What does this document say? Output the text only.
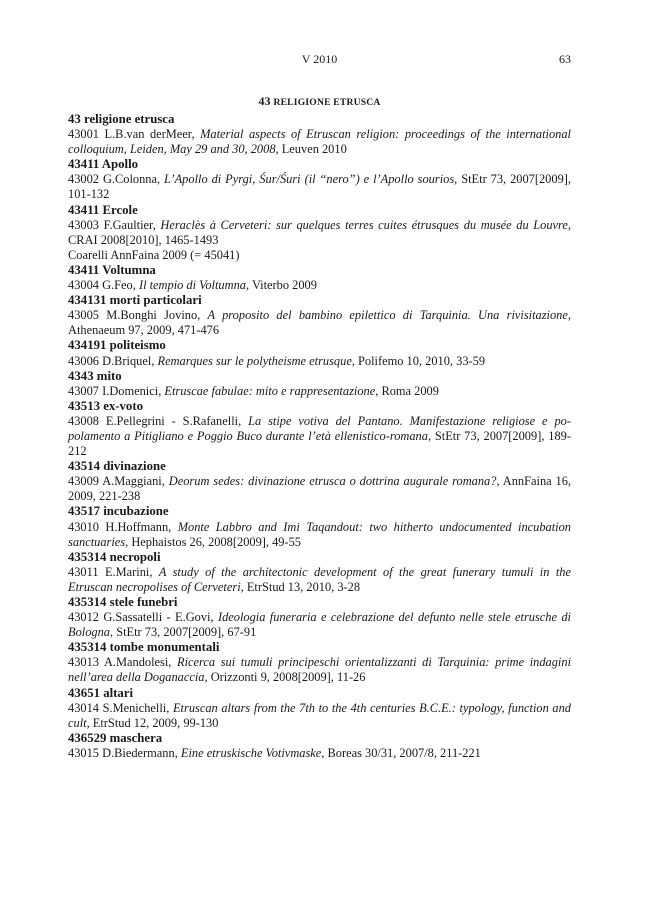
V 2010	63
43 RELIGIONE ETRUSCA
43 religione etrusca
43001 L.B.van derMeer, Material aspects of Etruscan religion: proceedings of the international colloquium, Leiden, May 29 and 30, 2008, Leuven 2010
43411 Apollo
43002 G.Colonna, L’Apollo di Pyrgi, Śur/Śuri (il “nero”) e l’Apollo sourios, StEtr 73, 2007[2009], 101-132
43411 Ercole
43003 F.Gaultier, Heraclès à Cerveteri: sur quelques terres cuites étrusques du musée du Louvre, CRAI 2008[2010], 1465-1493
Coarelli AnnFaina 2009 (= 45041)
43411 Voltumna
43004 G.Feo, Il tempio di Voltumna, Viterbo 2009
434131 morti particolari
43005 M.Bonghi Jovino, A proposito del bambino epilettico di Tarquinia. Una rivisitazione, Athenaeum 97, 2009, 471-476
434191 politeismo
43006 D.Briquel, Remarques sur le polytheisme etrusque, Polifemo 10, 2010, 33-59
4343 mito
43007 I.Domenici, Etruscae fabulae: mito e rappresentazione, Roma 2009
43513 ex-voto
43008 E.Pellegrini - S.Rafanelli, La stipe votiva del Pantano. Manifestazione religiose e popolamento a Pitigliano e Poggio Buco durante l’età ellenistico-romana, StEtr 73, 2007[2009], 189-212
43514 divinazione
43009 A.Maggiani, Deorum sedes: divinazione etrusca o dottrina augurale romana?, AnnFaina 16, 2009, 221-238
43517 incubazione
43010 H.Hoffmann, Monte Labbro and Imi Taqandout: two hitherto undocumented incubation sanctuaries, Hephaistos 26, 2008[2009], 49-55
435314 necropoli
43011 E.Marini, A study of the architectonic development of the great funerary tumuli in the Etruscan necropolises of Cerveteri, EtrStud 13, 2010, 3-28
435314 stele funebri
43012 G.Sassatelli - E.Govi, Ideologia funeraria e celebrazione del defunto nelle stele etrusche di Bologna, StEtr 73, 2007[2009], 67-91
435314 tombe monumentali
43013 A.Mandolesi, Ricerca sui tumuli principeschi orientalizzanti di Tarquinia: prime indagini nell’area della Doganaccia, Orizzonti 9, 2008[2009], 11-26
43651 altari
43014 S.Menichelli, Etruscan altars from the 7th to the 4th centuries B.C.E.: typology, function and cult, EtrStud 12, 2009, 99-130
436529 maschera
43015 D.Biedermann, Eine etruskische Votivmaske, Boreas 30/31, 2007/8, 211-221
